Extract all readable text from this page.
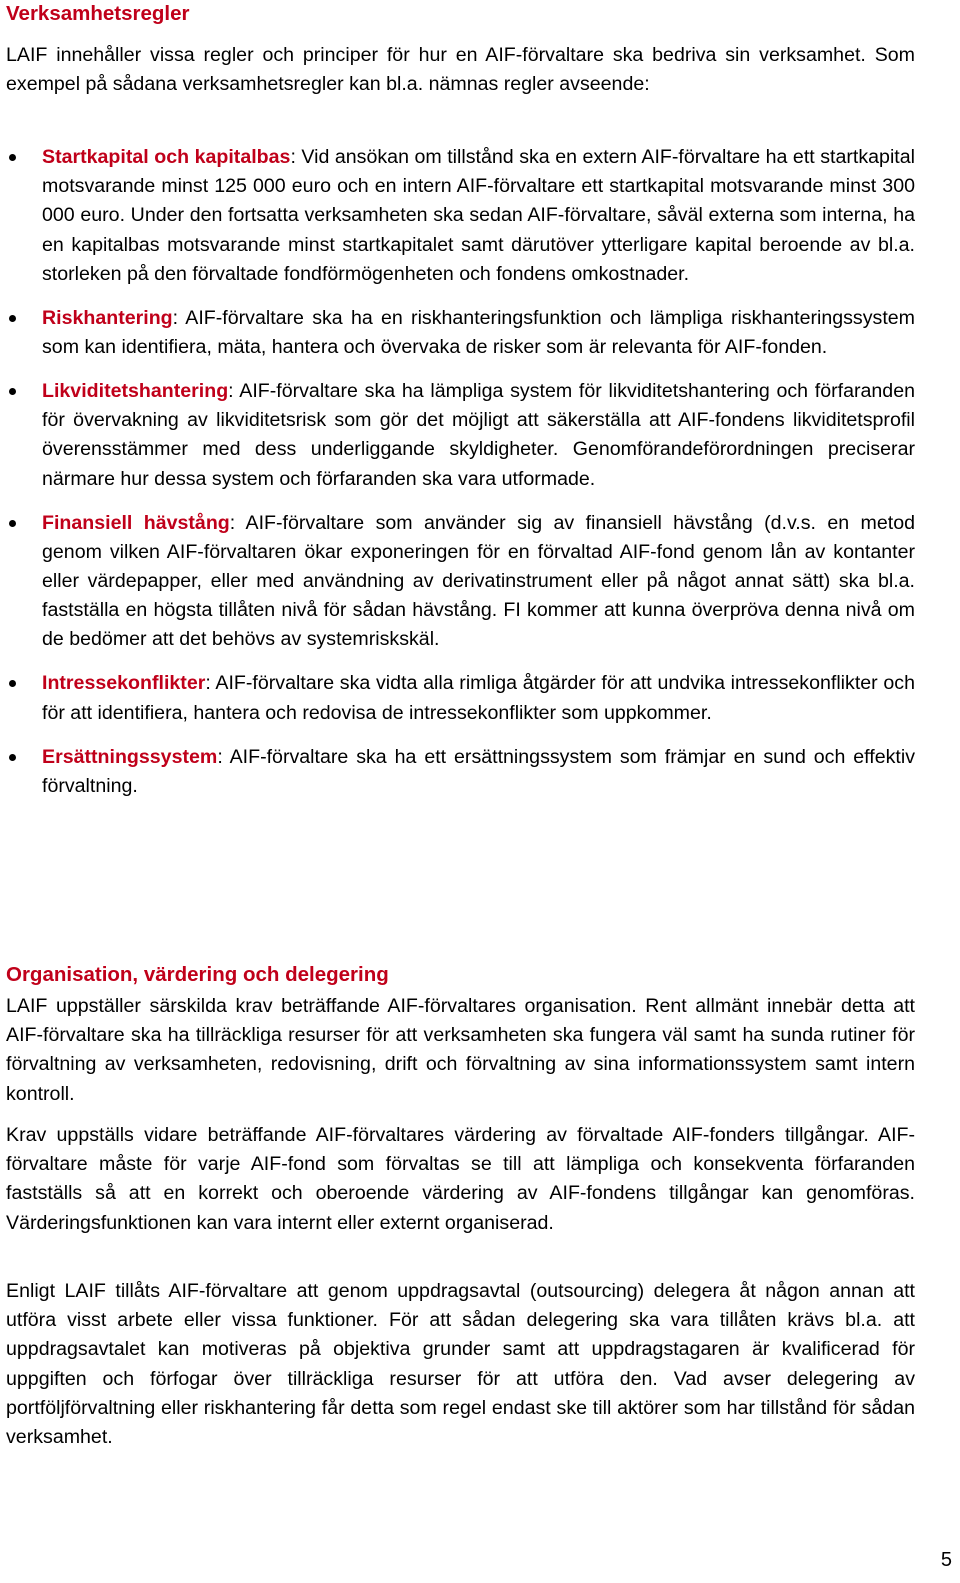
Verksamhetsregler

LAIF innehåller vissa regler och principer för hur en AIF-förvaltare ska bedriva sin verksamhet. Som exempel på sådana verksamhetsregler kan bl.a. nämnas regler avseende:

Startkapital och kapitalbas: Vid ansökan om tillstånd ska en extern AIF-förvaltare ha ett startkapital motsvarande minst 125 000 euro och en intern AIF-förvaltare ett startkapital motsvarande minst 300 000 euro. Under den fortsatta verksamheten ska sedan AIF-förvaltare, såväl externa som interna, ha en kapitalbas motsvarande minst startkapitalet samt därutöver ytterligare kapital beroende av bl.a. storleken på den förvaltade fondförmögenheten och fondens omkostnader.
Riskhantering: AIF-förvaltare ska ha en riskhanteringsfunktion och lämpliga riskhanteringssystem som kan identifiera, mäta, hantera och övervaka de risker som är relevanta för AIF-fonden.
Likviditetshantering: AIF-förvaltare ska ha lämpliga system för likviditetshantering och förfaranden för övervakning av likviditetsrisk som gör det möjligt att säkerställa att AIF-fondens likviditetsprofil överensstämmer med dess underliggande skyldigheter. Genomförandeförordningen preciserar närmare hur dessa system och förfaranden ska vara utformade.
Finansiell hävstång: AIF-förvaltare som använder sig av finansiell hävstång (d.v.s. en metod genom vilken AIF-förvaltaren ökar exponeringen för en förvaltad AIF-fond genom lån av kontanter eller värdepapper, eller med användning av derivatinstrument eller på något annat sätt) ska bl.a. fastställa en högsta tillåten nivå för sådan hävstång. FI kommer att kunna överpröva denna nivå om de bedömer att det behövs av systemriskskäl.
Intressekonflikter: AIF-förvaltare ska vidta alla rimliga åtgärder för att undvika intressekonflikter och för att identifiera, hantera och redovisa de intressekonflikter som uppkommer.
Ersättningssystem: AIF-förvaltare ska ha ett ersättningssystem som främjar en sund och effektiv förvaltning.
Organisation, värdering och delegering

LAIF uppställer särskilda krav beträffande AIF-förvaltares organisation. Rent allmänt innebär detta att AIF-förvaltare ska ha tillräckliga resurser för att verksamheten ska fungera väl samt ha sunda rutiner för förvaltning av verksamheten, redovisning, drift och förvaltning av sina informationssystem samt intern kontroll.

Krav uppställs vidare beträffande AIF-förvaltares värdering av förvaltade AIF-fonders tillgångar. AIF-förvaltare måste för varje AIF-fond som förvaltas se till att lämpliga och konsekventa förfaranden fastställs så att en korrekt och oberoende värdering av AIF-fondens tillgångar kan genomföras. Värderingsfunktionen kan vara internt eller externt organiserad.

Enligt LAIF tillåts AIF-förvaltare att genom uppdragsavtal (outsourcing) delegera åt någon annan att utföra visst arbete eller vissa funktioner. För att sådan delegering ska vara tillåten krävs bl.a. att uppdragsavtalet kan motiveras på objektiva grunder samt att uppdragstagaren är kvalificerad för uppgiften och förfogar över tillräckliga resurser för att utföra den. Vad avser delegering av portföljförvaltning eller riskhantering får detta som regel endast ske till aktörer som har tillstånd för sådan verksamhet.

5
